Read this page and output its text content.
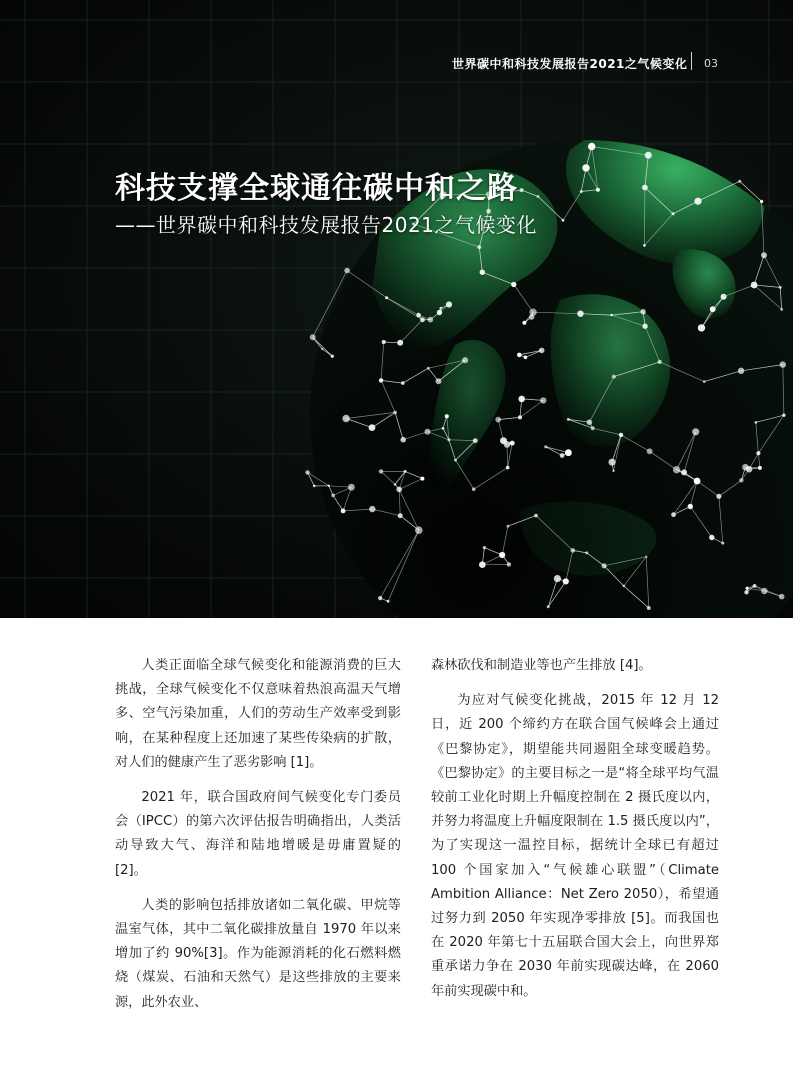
世界碳中和科技发展报告2021之气候变化 03
科技支撑全球通往碳中和之路
——世界碳中和科技发展报告2021之气候变化

人类正面临全球气候变化和能源消费的巨大挑战，全球气候变化不仅意味着热浪高温天气增多、空气污染加重，人们的劳动生产效率受到影响，在某种程度上还加速了某些传染病的扩散，对人们的健康产生了恶劣影响 [1]。

2021 年，联合国政府间气候变化专门委员会（IPCC）的第六次评估报告明确指出，人类活动导致大气、海洋和陆地增暖是毋庸置疑的 [2]。

人类的影响包括排放诸如二氧化碳、甲烷等温室气体，其中二氧化碳排放量自 1970 年以来增加了约 90%[3]。作为能源消耗的化石燃料燃烧（煤炭、石油和天然气）是这些排放的主要来源，此外农业、

森林砍伐和制造业等也产生排放 [4]。

为应对气候变化挑战，2015 年 12 月 12 日，近 200 个缔约方在联合国气候峰会上通过《巴黎协定》，期望能共同遏阻全球变暖趋势。《巴黎协定》的主要目标之一是“将全球平均气温较前工业化时期上升幅度控制在 2 摄氏度以内，并努力将温度上升幅度限制在 1.5 摄氏度以内”，为了实现这一温控目标，据统计全球已有超过 100 个国家加入“气候雄心联盟”（Climate Ambition Alliance：Net Zero 2050），希望通过努力到 2050 年实现净零排放 [5]。而我国也在 2020 年第七十五届联合国大会上，向世界郑重承诺力争在 2030 年前实现碳达峰，在 2060 年前实现碳中和。
